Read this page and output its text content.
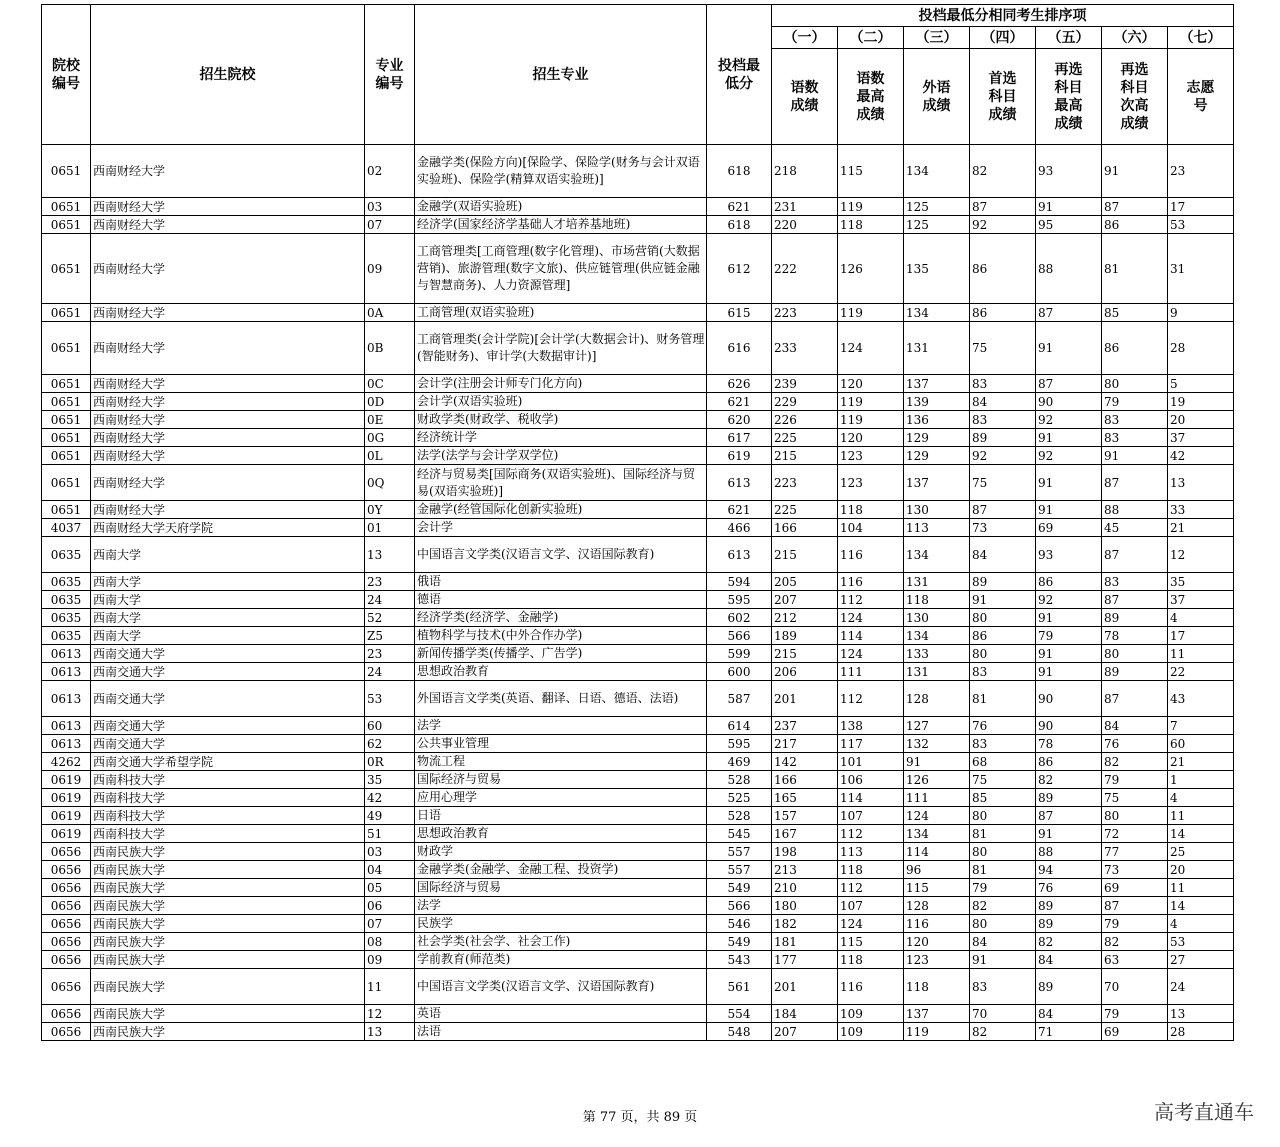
院校编号	招生院校	专业编号	招生专业	投档最低分	投档最低分相同考生排序项						
					（一）	（二）	（三）	（四）	（五）	（六）	（七）
					语数成绩	语数最高成绩	外语成绩	首选科目成绩	再选科目最高成绩	再选科目次高成绩	志愿号
0651	西南财经大学	02	金融学类(保险方向)[保险学、保险学(财务与会计双语实验班)、保险学(精算双语实验班)]	618	218	115	134	82	93	91	23
0651	西南财经大学	03	金融学(双语实验班)	621	231	119	125	87	91	87	17
0651	西南财经大学	07	经济学(国家经济学基础人才培养基地班)	618	220	118	125	92	95	86	53
0651	西南财经大学	09	工商管理类[工商管理(数字化管理)、市场营销(大数据营销)、旅游管理(数字文旅)、供应链管理(供应链金融与智慧商务)、人力资源管理]	612	222	126	135	86	88	81	31
0651	西南财经大学	0A	工商管理(双语实验班)	615	223	119	134	86	87	85	9
0651	西南财经大学	0B	工商管理类(会计学院)[会计学(大数据会计)、财务管理(智能财务)、审计学(大数据审计)]	616	233	124	131	75	91	86	28
0651	西南财经大学	0C	会计学(注册会计师专门化方向)	626	239	120	137	83	87	80	5
0651	西南财经大学	0D	会计学(双语实验班)	621	229	119	139	84	90	79	19
0651	西南财经大学	0E	财政学类(财政学、税收学)	620	226	119	136	83	92	83	20
0651	西南财经大学	0G	经济统计学	617	225	120	129	89	91	83	37
0651	西南财经大学	0L	法学(法学与会计学双学位)	619	215	123	129	92	92	91	42
0651	西南财经大学	0Q	经济与贸易类[国际商务(双语实验班)、国际经济与贸易(双语实验班)]	613	223	123	137	75	91	87	13
0651	西南财经大学	0Y	金融学(经管国际化创新实验班)	621	225	118	130	87	91	88	33
4037	西南财经大学天府学院	01	会计学	466	166	104	113	73	69	45	21
0635	西南大学	13	中国语言文学类(汉语言文学、汉语国际教育)	613	215	116	134	84	93	87	12
0635	西南大学	23	俄语	594	205	116	131	89	86	83	35
0635	西南大学	24	德语	595	207	112	118	91	92	87	37
0635	西南大学	52	经济学类(经济学、金融学)	602	212	124	130	80	91	89	4
0635	西南大学	Z5	植物科学与技术(中外合作办学)	566	189	114	134	86	79	78	17
0613	西南交通大学	23	新闻传播学类(传播学、广告学)	599	215	124	133	80	91	80	11
0613	西南交通大学	24	思想政治教育	600	206	111	131	83	91	89	22
0613	西南交通大学	53	外国语言文学类(英语、翻译、日语、德语、法语)	587	201	112	128	81	90	87	43
0613	西南交通大学	60	法学	614	237	138	127	76	90	84	7
0613	西南交通大学	62	公共事业管理	595	217	117	132	83	78	76	60
4262	西南交通大学希望学院	0R	物流工程	469	142	101	91	68	86	82	21
0619	西南科技大学	35	国际经济与贸易	528	166	106	126	75	82	79	1
0619	西南科技大学	42	应用心理学	525	165	114	111	85	89	75	4
0619	西南科技大学	49	日语	528	157	107	124	80	87	80	11
0619	西南科技大学	51	思想政治教育	545	167	112	134	81	91	72	14
0656	西南民族大学	03	财政学	557	198	113	114	80	88	77	25
0656	西南民族大学	04	金融学类(金融学、金融工程、投资学)	557	213	118	96	81	94	73	20
0656	西南民族大学	05	国际经济与贸易	549	210	112	115	79	76	69	11
0656	西南民族大学	06	法学	566	180	107	128	82	89	87	14
0656	西南民族大学	07	民族学	546	182	124	116	80	89	79	4
0656	西南民族大学	08	社会学类(社会学、社会工作)	549	181	115	120	84	82	82	53
0656	西南民族大学	09	学前教育(师范类)	543	177	118	123	91	84	63	27
0656	西南民族大学	11	中国语言文学类(汉语言文学、汉语国际教育)	561	201	116	118	83	89	70	24
0656	西南民族大学	12	英语	554	184	109	137	70	84	79	13
0656	西南民族大学	13	法语	548	207	109	119	82	71	69	28
第 77 页，共 89 页	高考直通车
